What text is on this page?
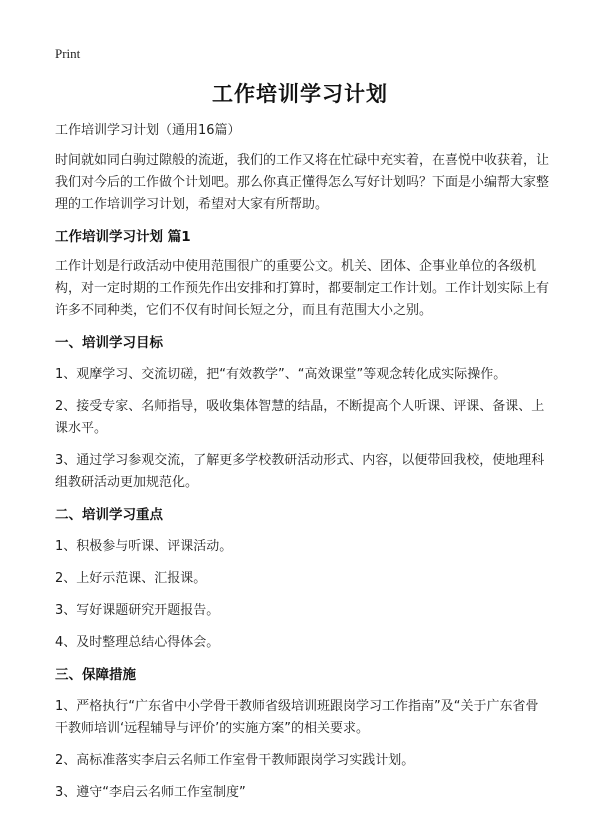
Print
工作培训学习计划

工作培训学习计划（通用16篇）

时间就如同白驹过隙般的流逝，我们的工作又将在忙碌中充实着，在喜悦中收获着，让我们对今后的工作做个计划吧。那么你真正懂得怎么写好计划吗？下面是小编帮大家整理的工作培训学习计划，希望对大家有所帮助。

工作培训学习计划 篇1

工作计划是行政活动中使用范围很广的重要公文。机关、团体、企事业单位的各级机构，对一定时期的工作预先作出安排和打算时，都要制定工作计划。工作计划实际上有许多不同种类，它们不仅有时间长短之分，而且有范围大小之别。

一、培训学习目标

1、观摩学习、交流切磋，把“有效教学”、“高效课堂”等观念转化成实际操作。

2、接受专家、名师指导，吸收集体智慧的结晶，不断提高个人听课、评课、备课、上课水平。

3、通过学习参观交流，了解更多学校教研活动形式、内容，以便带回我校，使地理科组教研活动更加规范化。

二、培训学习重点

1、积极参与听课、评课活动。

2、上好示范课、汇报课。

3、写好课题研究开题报告。

4、及时整理总结心得体会。

三、保障措施

1、严格执行“广东省中小学骨干教师省级培训班跟岗学习工作指南”及“关于广东省骨干教师培训‘远程辅导与评价’的实施方案”的相关要求。

2、高标准落实李启云名师工作室骨干教师跟岗学习实践计划。

3、遵守“李启云名师工作室制度”
